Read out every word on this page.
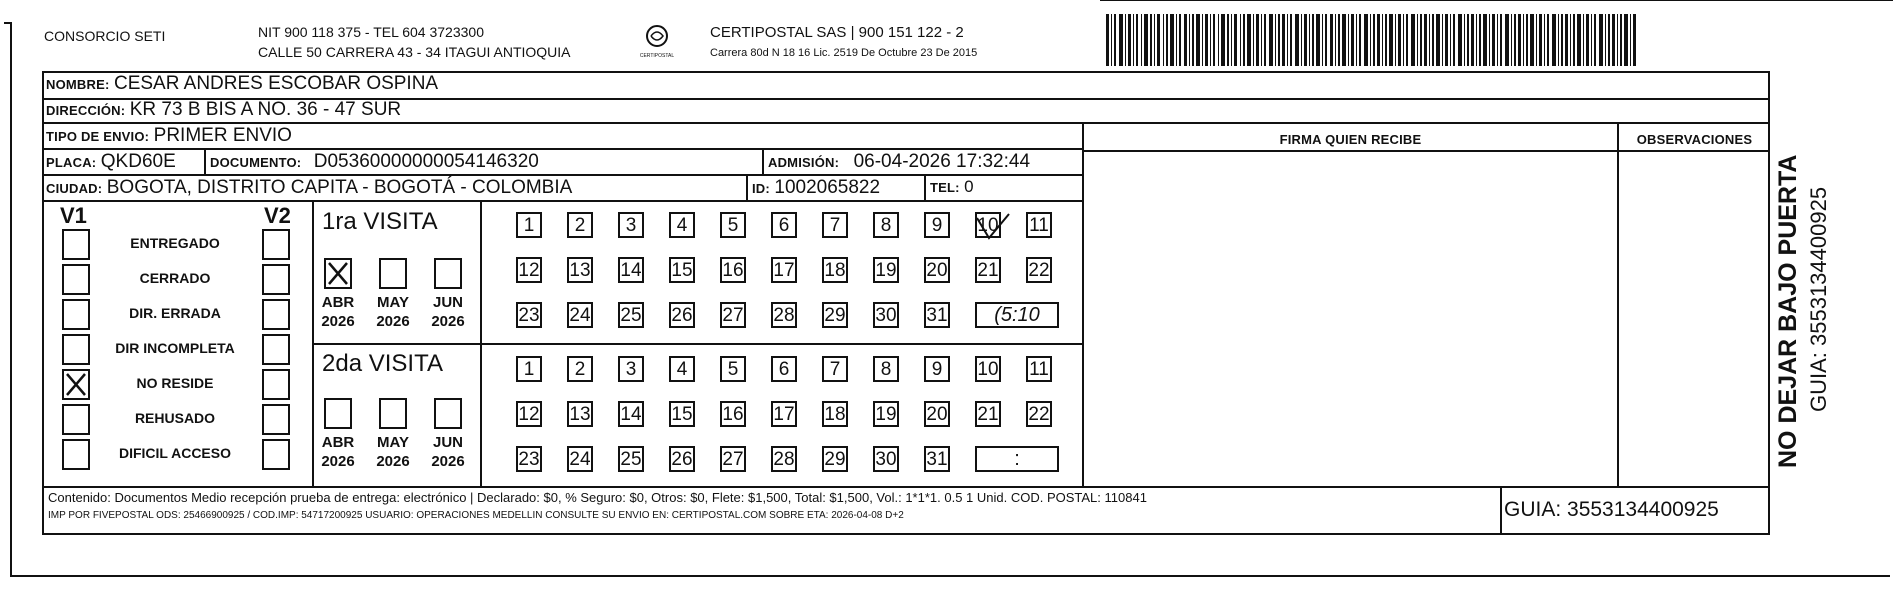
CONSORCIO SETI	NIT 900 118 375 - TEL 604 3723300
CALLE 50 CARRERA 43 - 34 ITAGUI ANTIOQUIA	CERTIPOSTAL
CERTIPOSTAL SAS | 900 151 122 - 2
Carrera 80d N 18 16 Lic. 2519 De Octubre 23 De 2015
NOMBRE: CESAR ANDRES ESCOBAR OSPINA
DIRECCIÓN: KR 73 B BIS A NO. 36 - 47 SUR
TIPO DE ENVIO: PRIMER ENVIO	FIRMA QUIEN RECIBE	OBSERVACIONES
PLACA: QKD60E	DOCUMENTO: D05360000000054146320	ADMISIÓN: 06-04-2026 17:32:44
CIUDAD: BOGOTA, DISTRITO CAPITA - BOGOTÁ - COLOMBIA	ID: 1002065822	TEL: 0
V1	V2 1ra VISITA
2da VISITA
Contenido: Documentos Medio recepción prueba de entrega: electrónico | Declarado: $0, % Seguro: $0, Otros: $0, Flete: $1,500, Total: $1,500, Vol.: 1*1*1. 0.5 1 Unid. COD. POSTAL: 110841
IMP POR FIVEPOSTAL ODS: 25466900925 / COD.IMP: 54717200925 USUARIO: OPERACIONES MEDELLIN CONSULTE SU ENVIO EN: CERTIPOSTAL.COM SOBRE ETA: 2026-04-08 D+2	GUIA: 3553134400925
NO DEJAR BAJO PUERTA GUIA: 3553134400925
ENTREGADO
CERRADO
DIR. ERRADA
DIR INCOMPLETA
NO RESIDE
REHUSADO
DIFICIL ACCESO
ABR
2026
MAY
2026
JUN
2026
ABR
2026
MAY
2026
JUN
2026
1	2	3	4	5	6	7	8	9	10 11
12 13 14 15 16 17 18 19 20 21 22
23 24 25 26 27 28 29 30 31	(5:10
1	2	3	4	5	6	7	8	9	10 11
12 13 14 15 16 17 18 19 20 21 22
23 24 25 26 27 28 29 30 31	:
